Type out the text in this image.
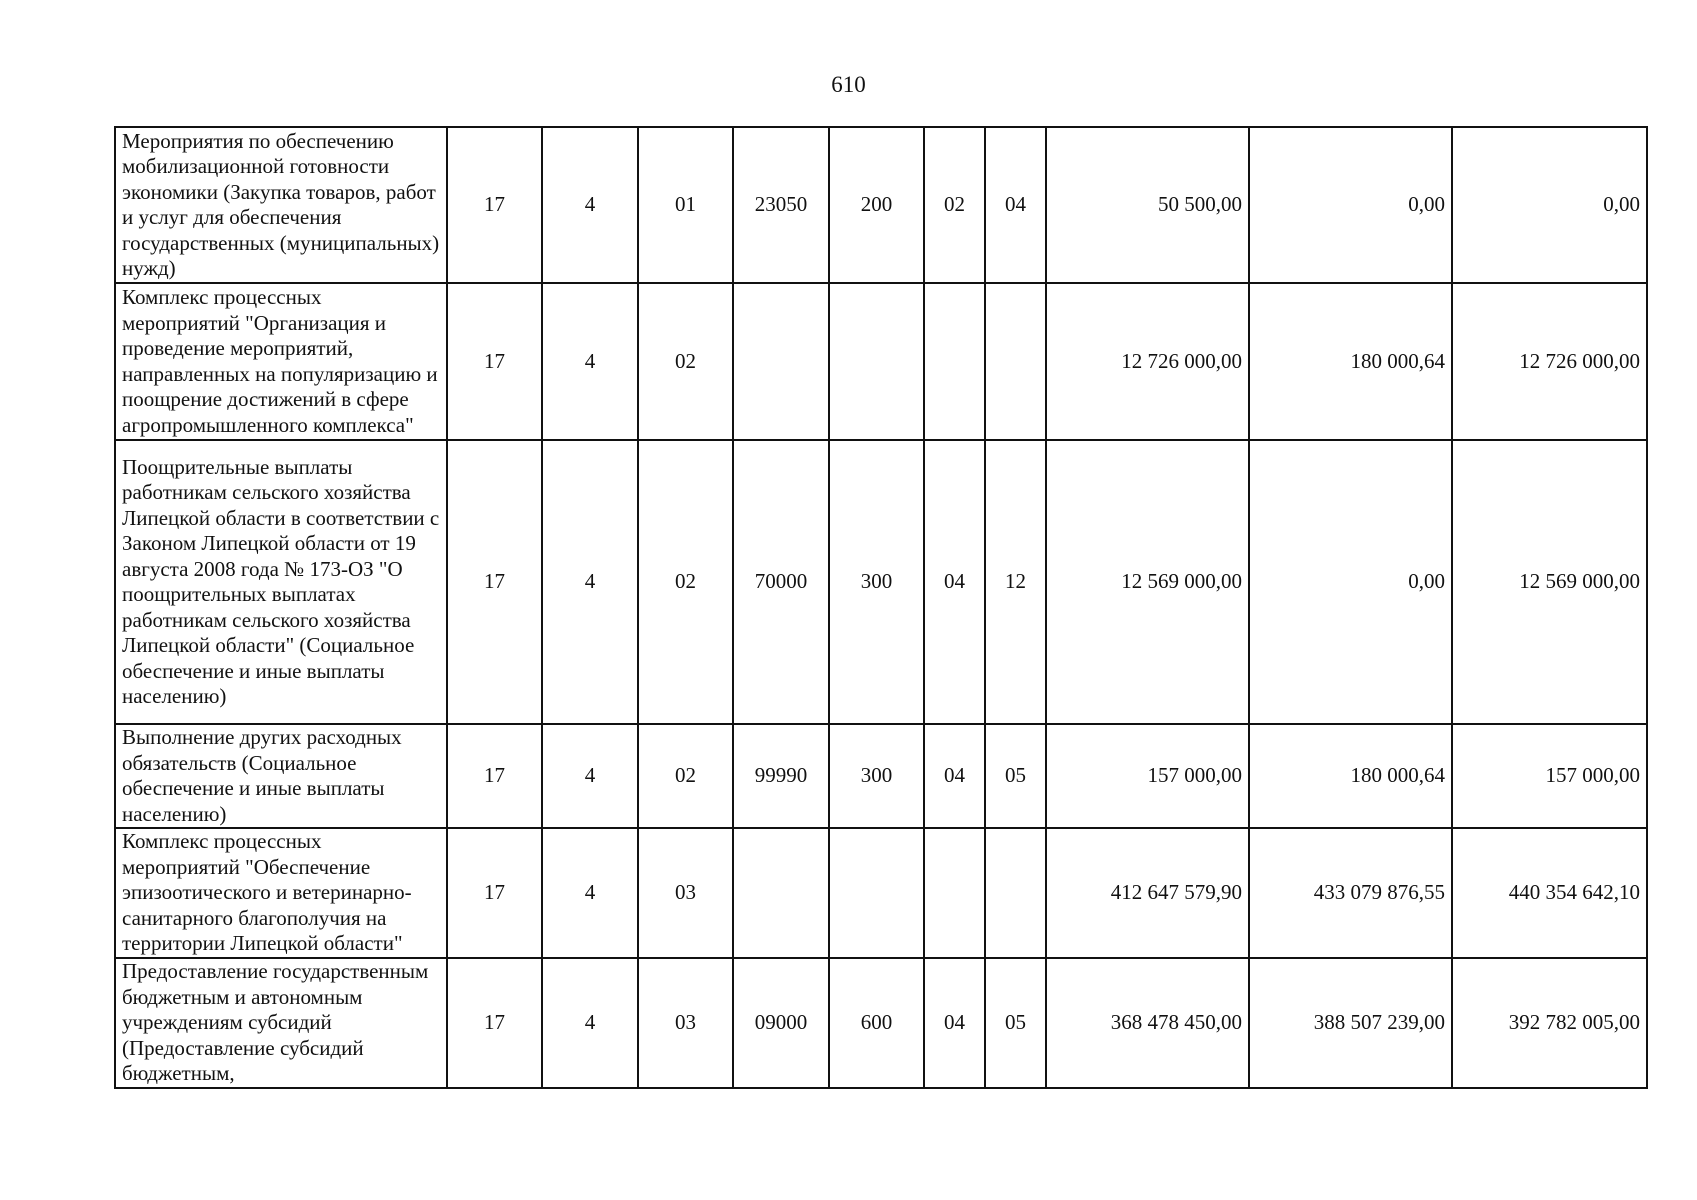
610
Мероприятия по обеспечению мобилизационной готовности экономики (Закупка товаров, работ и услуг для обеспечения государственных (муниципальных) нужд)	17	4	01	23050	200	02	04	50 500,00	0,00	0,00
Комплекс процессных мероприятий "Организация и проведение мероприятий, направленных на популяризацию и поощрение достижений в сфере агропромышленного комплекса"	17	4	02					12 726 000,00	180 000,64	12 726 000,00
Поощрительные выплаты работникам сельского хозяйства Липецкой области в соответствии с Законом Липецкой области от 19 августа 2008 года № 173-ОЗ "О поощрительных выплатах работникам сельского хозяйства Липецкой области" (Социальное обеспечение и иные выплаты населению)	17	4	02	70000	300	04	12	12 569 000,00	0,00	12 569 000,00
Выполнение других расходных обязательств (Социальное обеспечение и иные выплаты населению)	17	4	02	99990	300	04	05	157 000,00	180 000,64	157 000,00
Комплекс процессных мероприятий "Обеспечение эпизоотического и ветеринарно-санитарного благополучия на территории Липецкой области"	17	4	03					412 647 579,90	433 079 876,55	440 354 642,10
Предоставление государственным бюджетным и автономным учреждениям субсидий (Предоставление субсидий бюджетным,	17	4	03	09000	600	04	05	368 478 450,00	388 507 239,00	392 782 005,00
